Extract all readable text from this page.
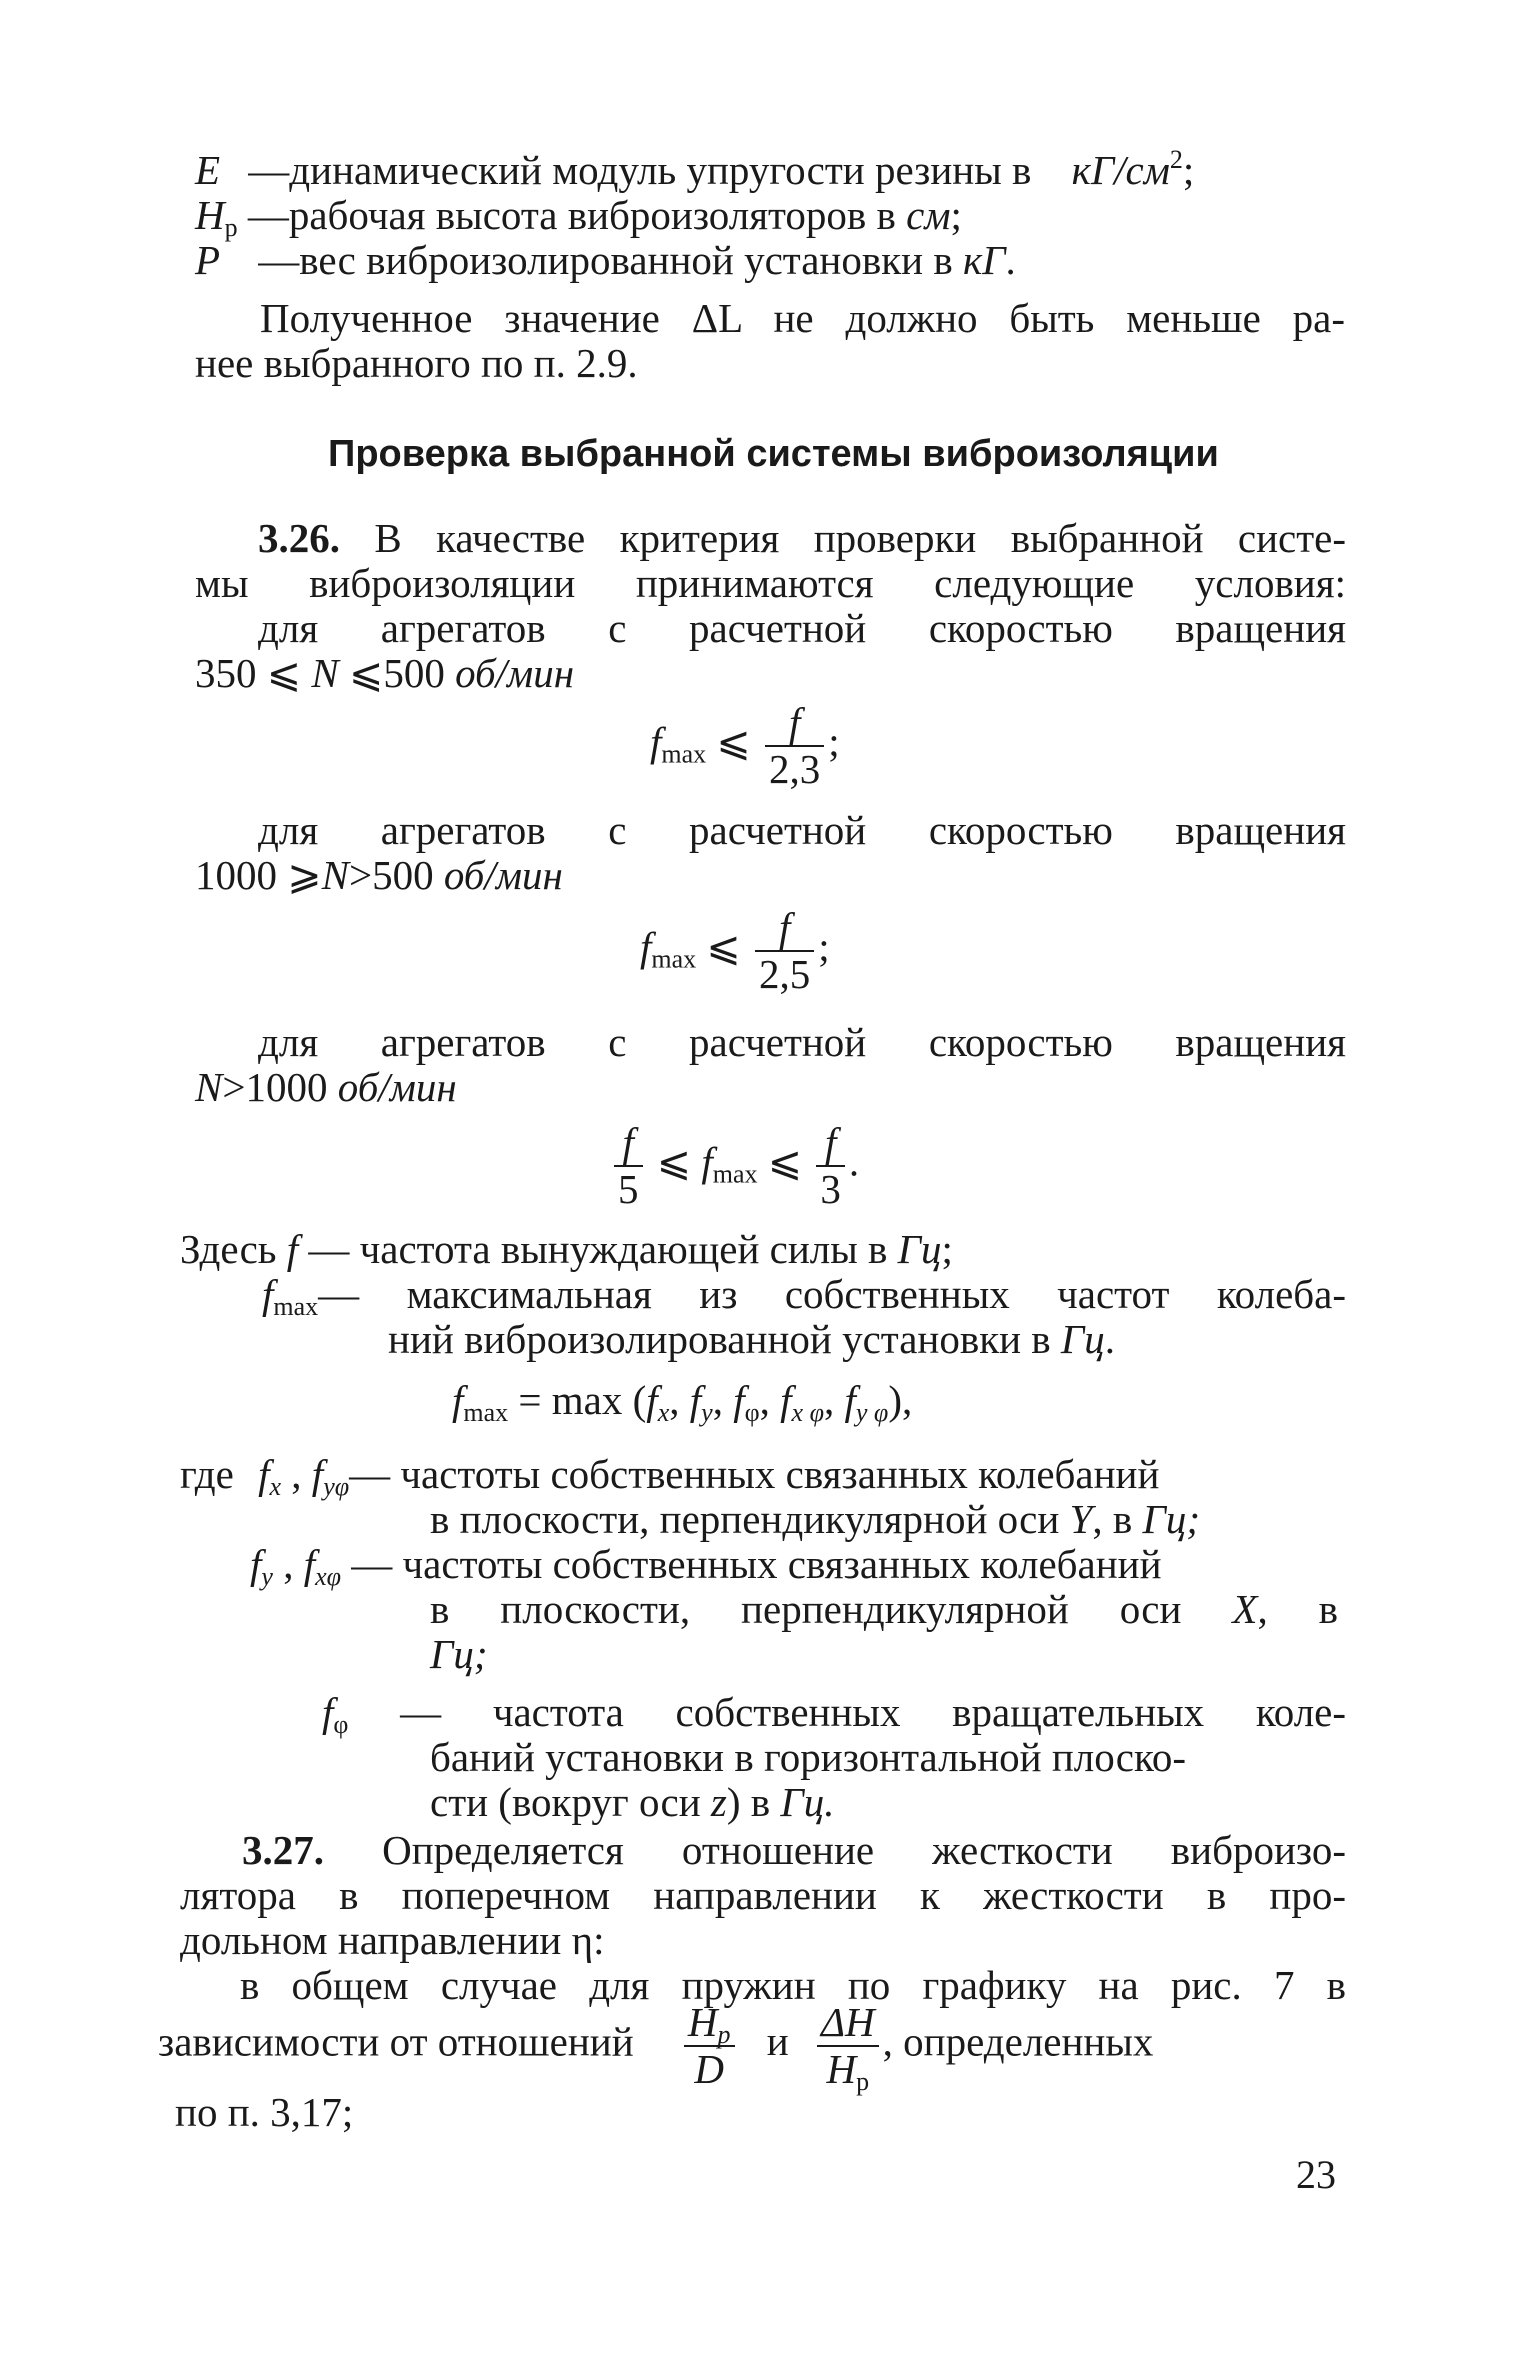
E —динамический модуль упругости резины в $кГ/см^2$;
$H_р$ —рабочая высота виброизоляторов в см;
P —вес виброизолированной установки в кГ.
Полученное значение ΔL не должно быть меньше ра-
нее выбранного по п. 2.9.
Проверка выбранной системы виброизоляции
3.26. В качестве критерия проверки выбранной систе-
мы виброизоляции принимаются следующие условия:
для агрегатов с расчетной скоростью вращения
350 ⩽ N ⩽500 об/мин
$f_{max}$ ⩽ $\frac{f}{2,3}$ ;
для агрегатов с расчетной скоростью вращения
1000 ⩾N>500 об/мин
$f_{max}$ ⩽ $\frac{f}{2,5}$ ;
для агрегатов с расчетной скоростью вращения
N>1000 об/мин
$\frac{f}{5}$ ⩽ $f_{max}$ ⩽ $\frac{f}{3}$ .
Здесь f — частота вынуждающей силы в Гц;
$f_{max}—$ максимальная из собственных частот колеба-
ний виброизолированной установки в Гц.
$f_{max} = \max (f_x$, $f_y$, $f_\varphi$, $f_{x \varphi}$, $f_{y \varphi}$),
где $f_x$ , $f_{y\varphi}—$ частоты собственных связанных колебаний
в плоскости, перпендикулярной оси Y, в Гц;
$f_y$ , $f_{x\varphi}$ — частоты собственных связанных колебаний
в плоскости, перпендикулярной оси X, в
Гц;
$f_\varphi$ — частота собственных вращательных коле-
баний установки в горизонтальной плоско-
сти (вокруг оси z) в Гц.
3.27. Определяется отношение жесткости виброизо-
лятора в поперечном направлении к жесткости в про-
дольном направлении η:
в общем случае для пружин по графику на рис. 7 в
зависимости от отношений $\frac{H_р}{D}$ и $\frac{\Delta H}{H_р}$ , определенных
по п. 3,17;
23
